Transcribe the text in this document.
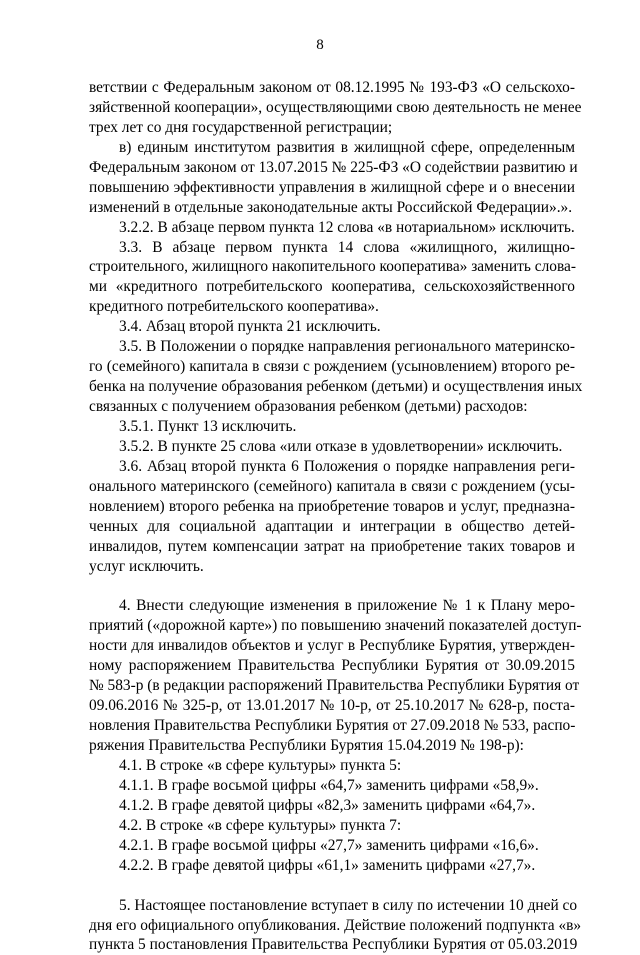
8
ветствии с Федеральным законом от 08.12.1995 № 193-ФЗ «О сельскохо-
зяйственной кооперации», осуществляющими свою деятельность не менее
трех лет со дня государственной регистрации;
в) единым институтом развития в жилищной сфере, определенным
Федеральным законом от 13.07.2015 № 225-ФЗ «О содействии развитию и
повышению эффективности управления в жилищной сфере и о внесении
изменений в отдельные законодательные акты Российской Федерации».».
3.2.2. В абзаце первом пункта 12 слова «в нотариальном» исключить.
3.3. В абзаце первом пункта 14 слова «жилищного, жилищно-
строительного, жилищного накопительного кооператива» заменить слова-
ми «кредитного потребительского кооператива, сельскохозяйственного
кредитного потребительского кооператива».
3.4. Абзац второй пункта 21 исключить.
3.5. В Положении о порядке направления регионального материнско-
го (семейного) капитала в связи с рождением (усыновлением) второго ре-
бенка на получение образования ребенком (детьми) и осуществления иных
связанных с получением образования ребенком (детьми) расходов:
3.5.1. Пункт 13 исключить.
3.5.2. В пункте 25 слова «или отказе в удовлетворении» исключить.
3.6. Абзац второй пункта 6 Положения о порядке направления реги-
онального материнского (семейного) капитала в связи с рождением (усы-
новлением) второго ребенка на приобретение товаров и услуг, предназна-
ченных для социальной адаптации и интеграции в общество детей-
инвалидов, путем компенсации затрат на приобретение таких товаров и
услуг исключить.
4. Внести следующие изменения в приложение № 1 к Плану меро-
приятий («дорожной карте») по повышению значений показателей доступ-
ности для инвалидов объектов и услуг в Республике Бурятия, утвержден-
ному распоряжением Правительства Республики Бурятия от 30.09.2015
№ 583-р (в редакции распоряжений Правительства Республики Бурятия от
09.06.2016 № 325-р, от 13.01.2017 № 10-р, от 25.10.2017 № 628-р, поста-
новления Правительства Республики Бурятия от 27.09.2018 № 533, распо-
ряжения Правительства Республики Бурятия 15.04.2019 № 198-р):
4.1. В строке «в сфере культуры» пункта 5:
4.1.1. В графе восьмой цифры «64,7» заменить цифрами «58,9».
4.1.2. В графе девятой цифры «82,3» заменить цифрами «64,7».
4.2. В строке «в сфере культуры» пункта 7:
4.2.1. В графе восьмой цифры «27,7» заменить цифрами «16,6».
4.2.2. В графе девятой цифры «61,1» заменить цифрами «27,7».
5. Настоящее постановление вступает в силу по истечении 10 дней со
дня его официального опубликования. Действие положений подпункта «в»
пункта 5 постановления Правительства Республики Бурятия от 05.03.2019
